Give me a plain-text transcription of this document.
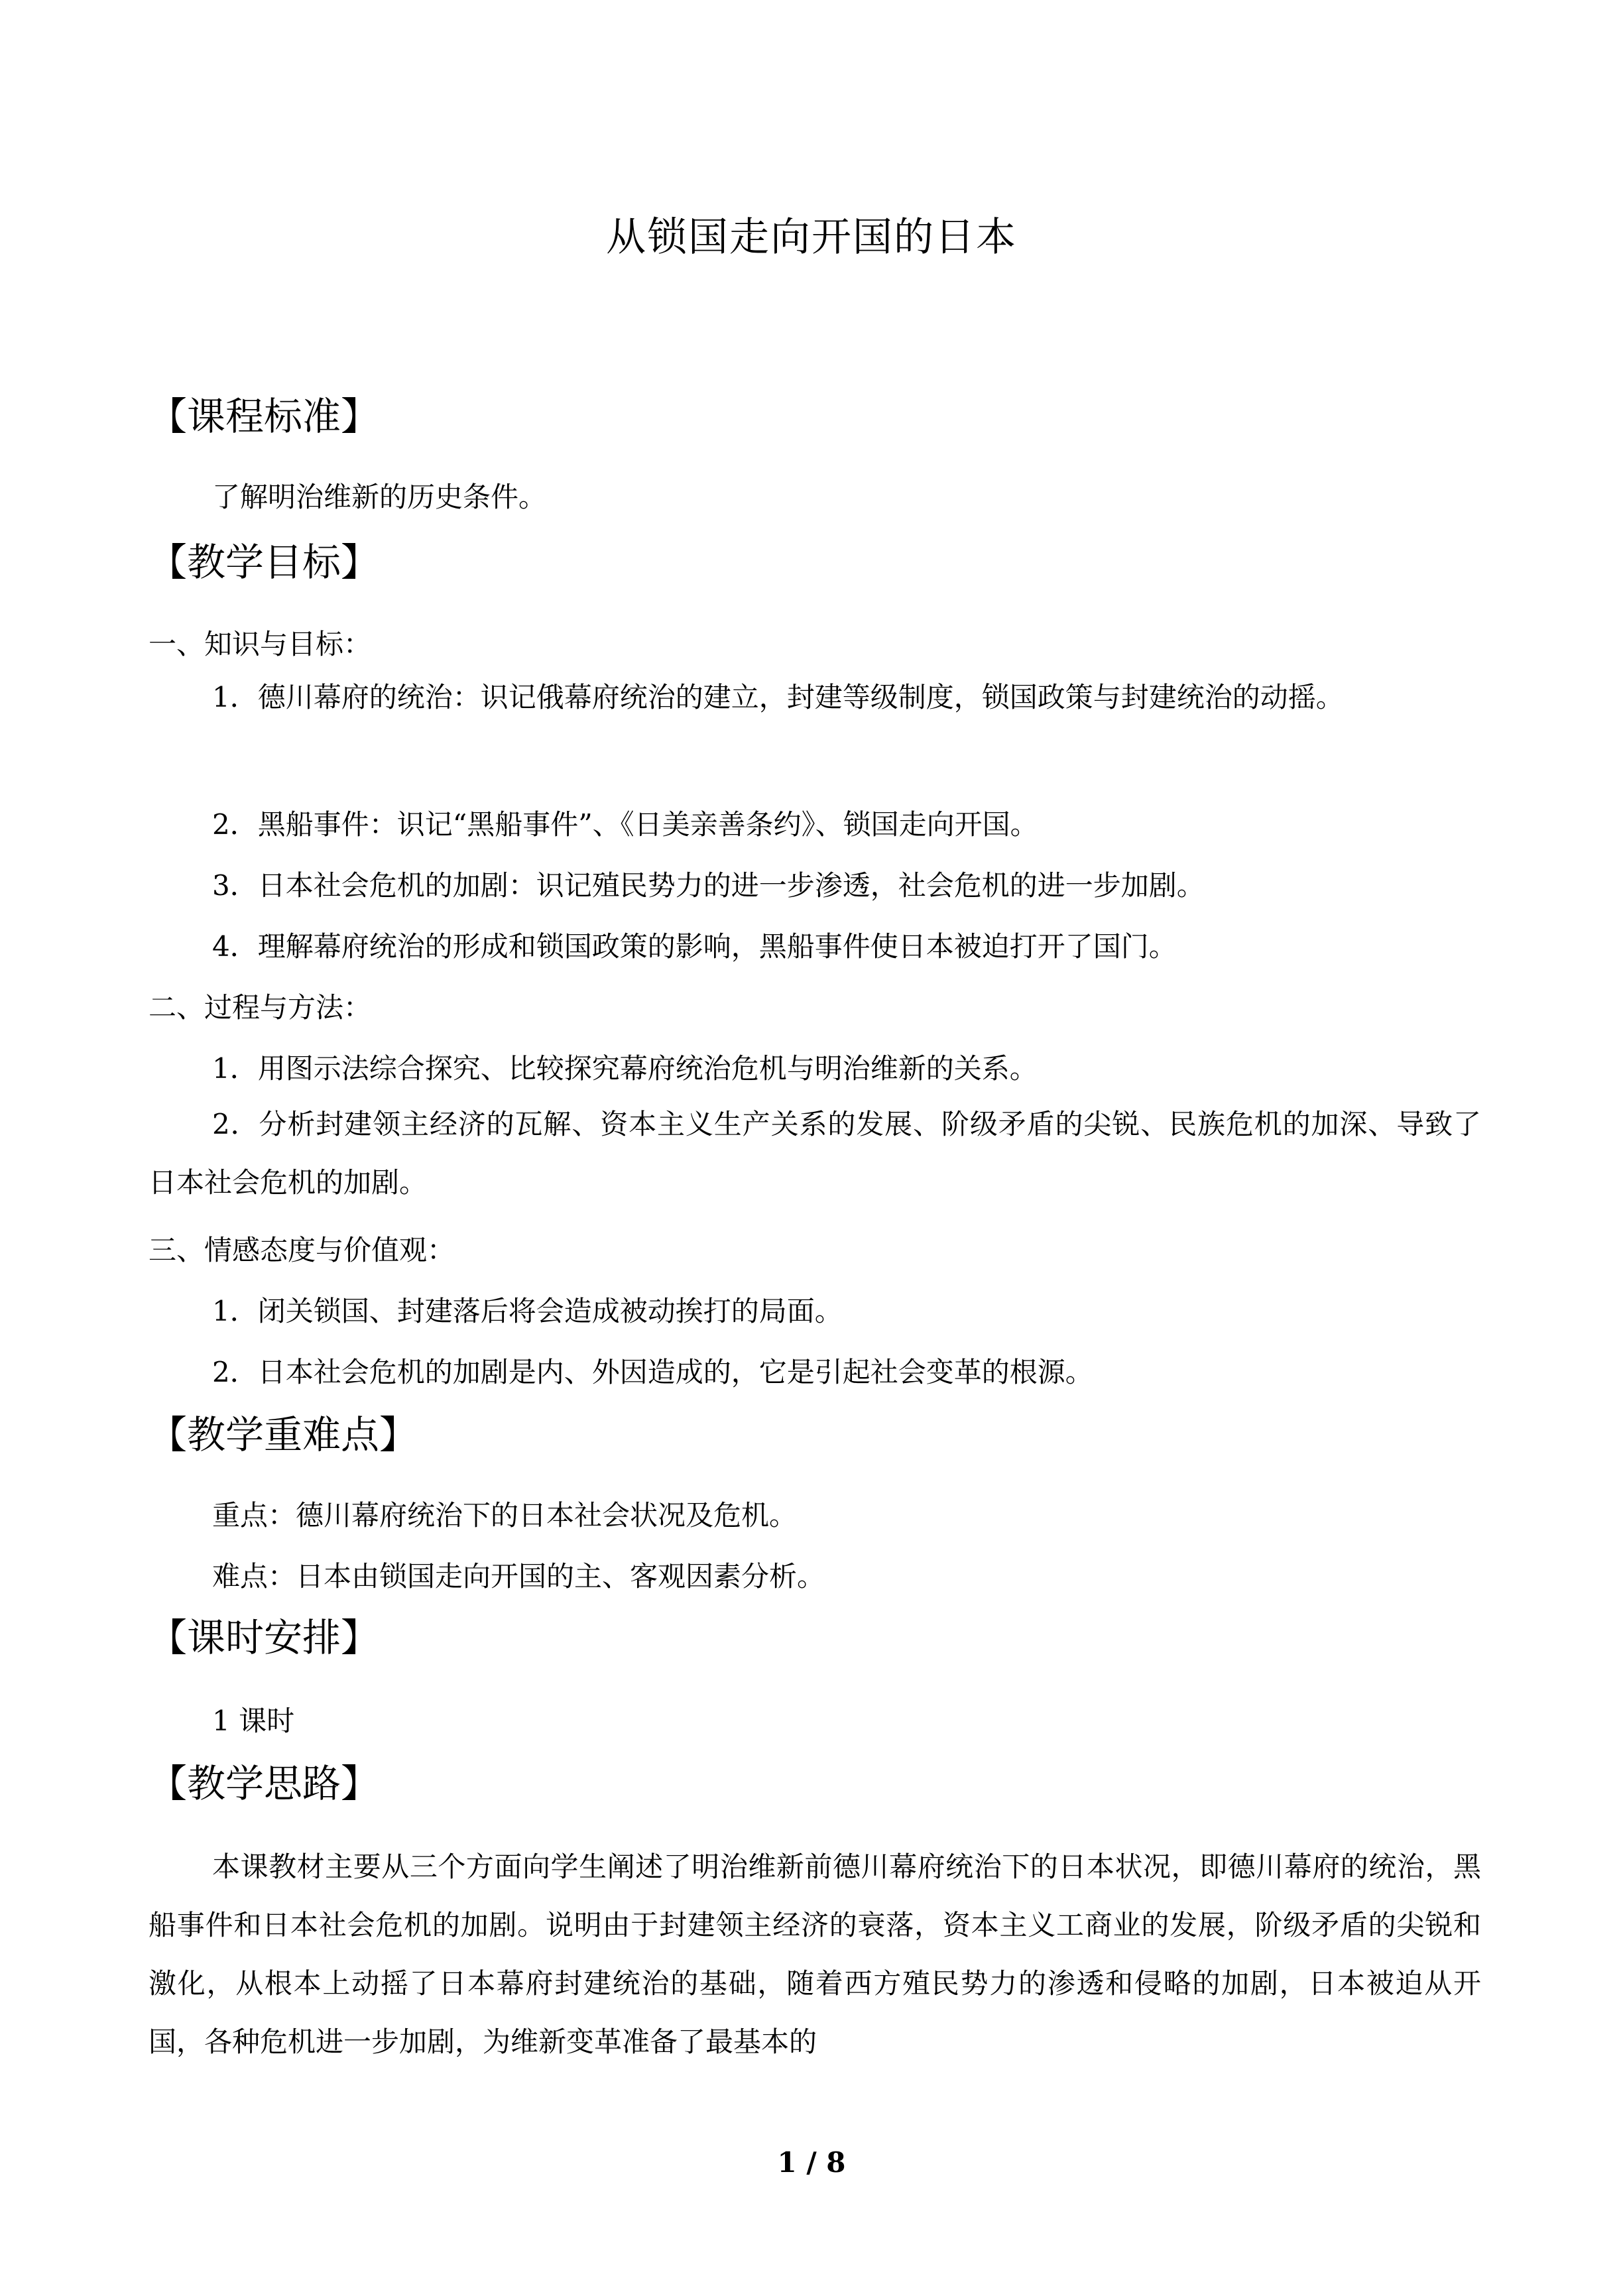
从锁国走向开国的日本
【课程标准】
了解明治维新的历史条件。
【教学目标】
一、知识与目标：
1．德川幕府的统治：识记俄幕府统治的建立，封建等级制度，锁国政策与封建统治的动摇。
2．黑船事件：识记“黑船事件”、《日美亲善条约》、锁国走向开国。
3．日本社会危机的加剧：识记殖民势力的进一步渗透，社会危机的进一步加剧。
4．理解幕府统治的形成和锁国政策的影响，黑船事件使日本被迫打开了国门。
二、过程与方法：
1．用图示法综合探究、比较探究幕府统治危机与明治维新的关系。
2．分析封建领主经济的瓦解、资本主义生产关系的发展、阶级矛盾的尖锐、民族危机的加深、导致了日本社会危机的加剧。
三、情感态度与价值观：
1．闭关锁国、封建落后将会造成被动挨打的局面。
2．日本社会危机的加剧是内、外因造成的，它是引起社会变革的根源。
【教学重难点】
重点：德川幕府统治下的日本社会状况及危机。
难点：日本由锁国走向开国的主、客观因素分析。
【课时安排】
1 课时
【教学思路】
本课教材主要从三个方面向学生阐述了明治维新前德川幕府统治下的日本状况，即德川幕府的统治，黑船事件和日本社会危机的加剧。说明由于封建领主经济的衰落，资本主义工商业的发展，阶级矛盾的尖锐和激化，从根本上动摇了日本幕府封建统治的基础，随着西方殖民势力的渗透和侵略的加剧，日本被迫从开国，各种危机进一步加剧，为维新变革准备了最基本的
1 / 8
